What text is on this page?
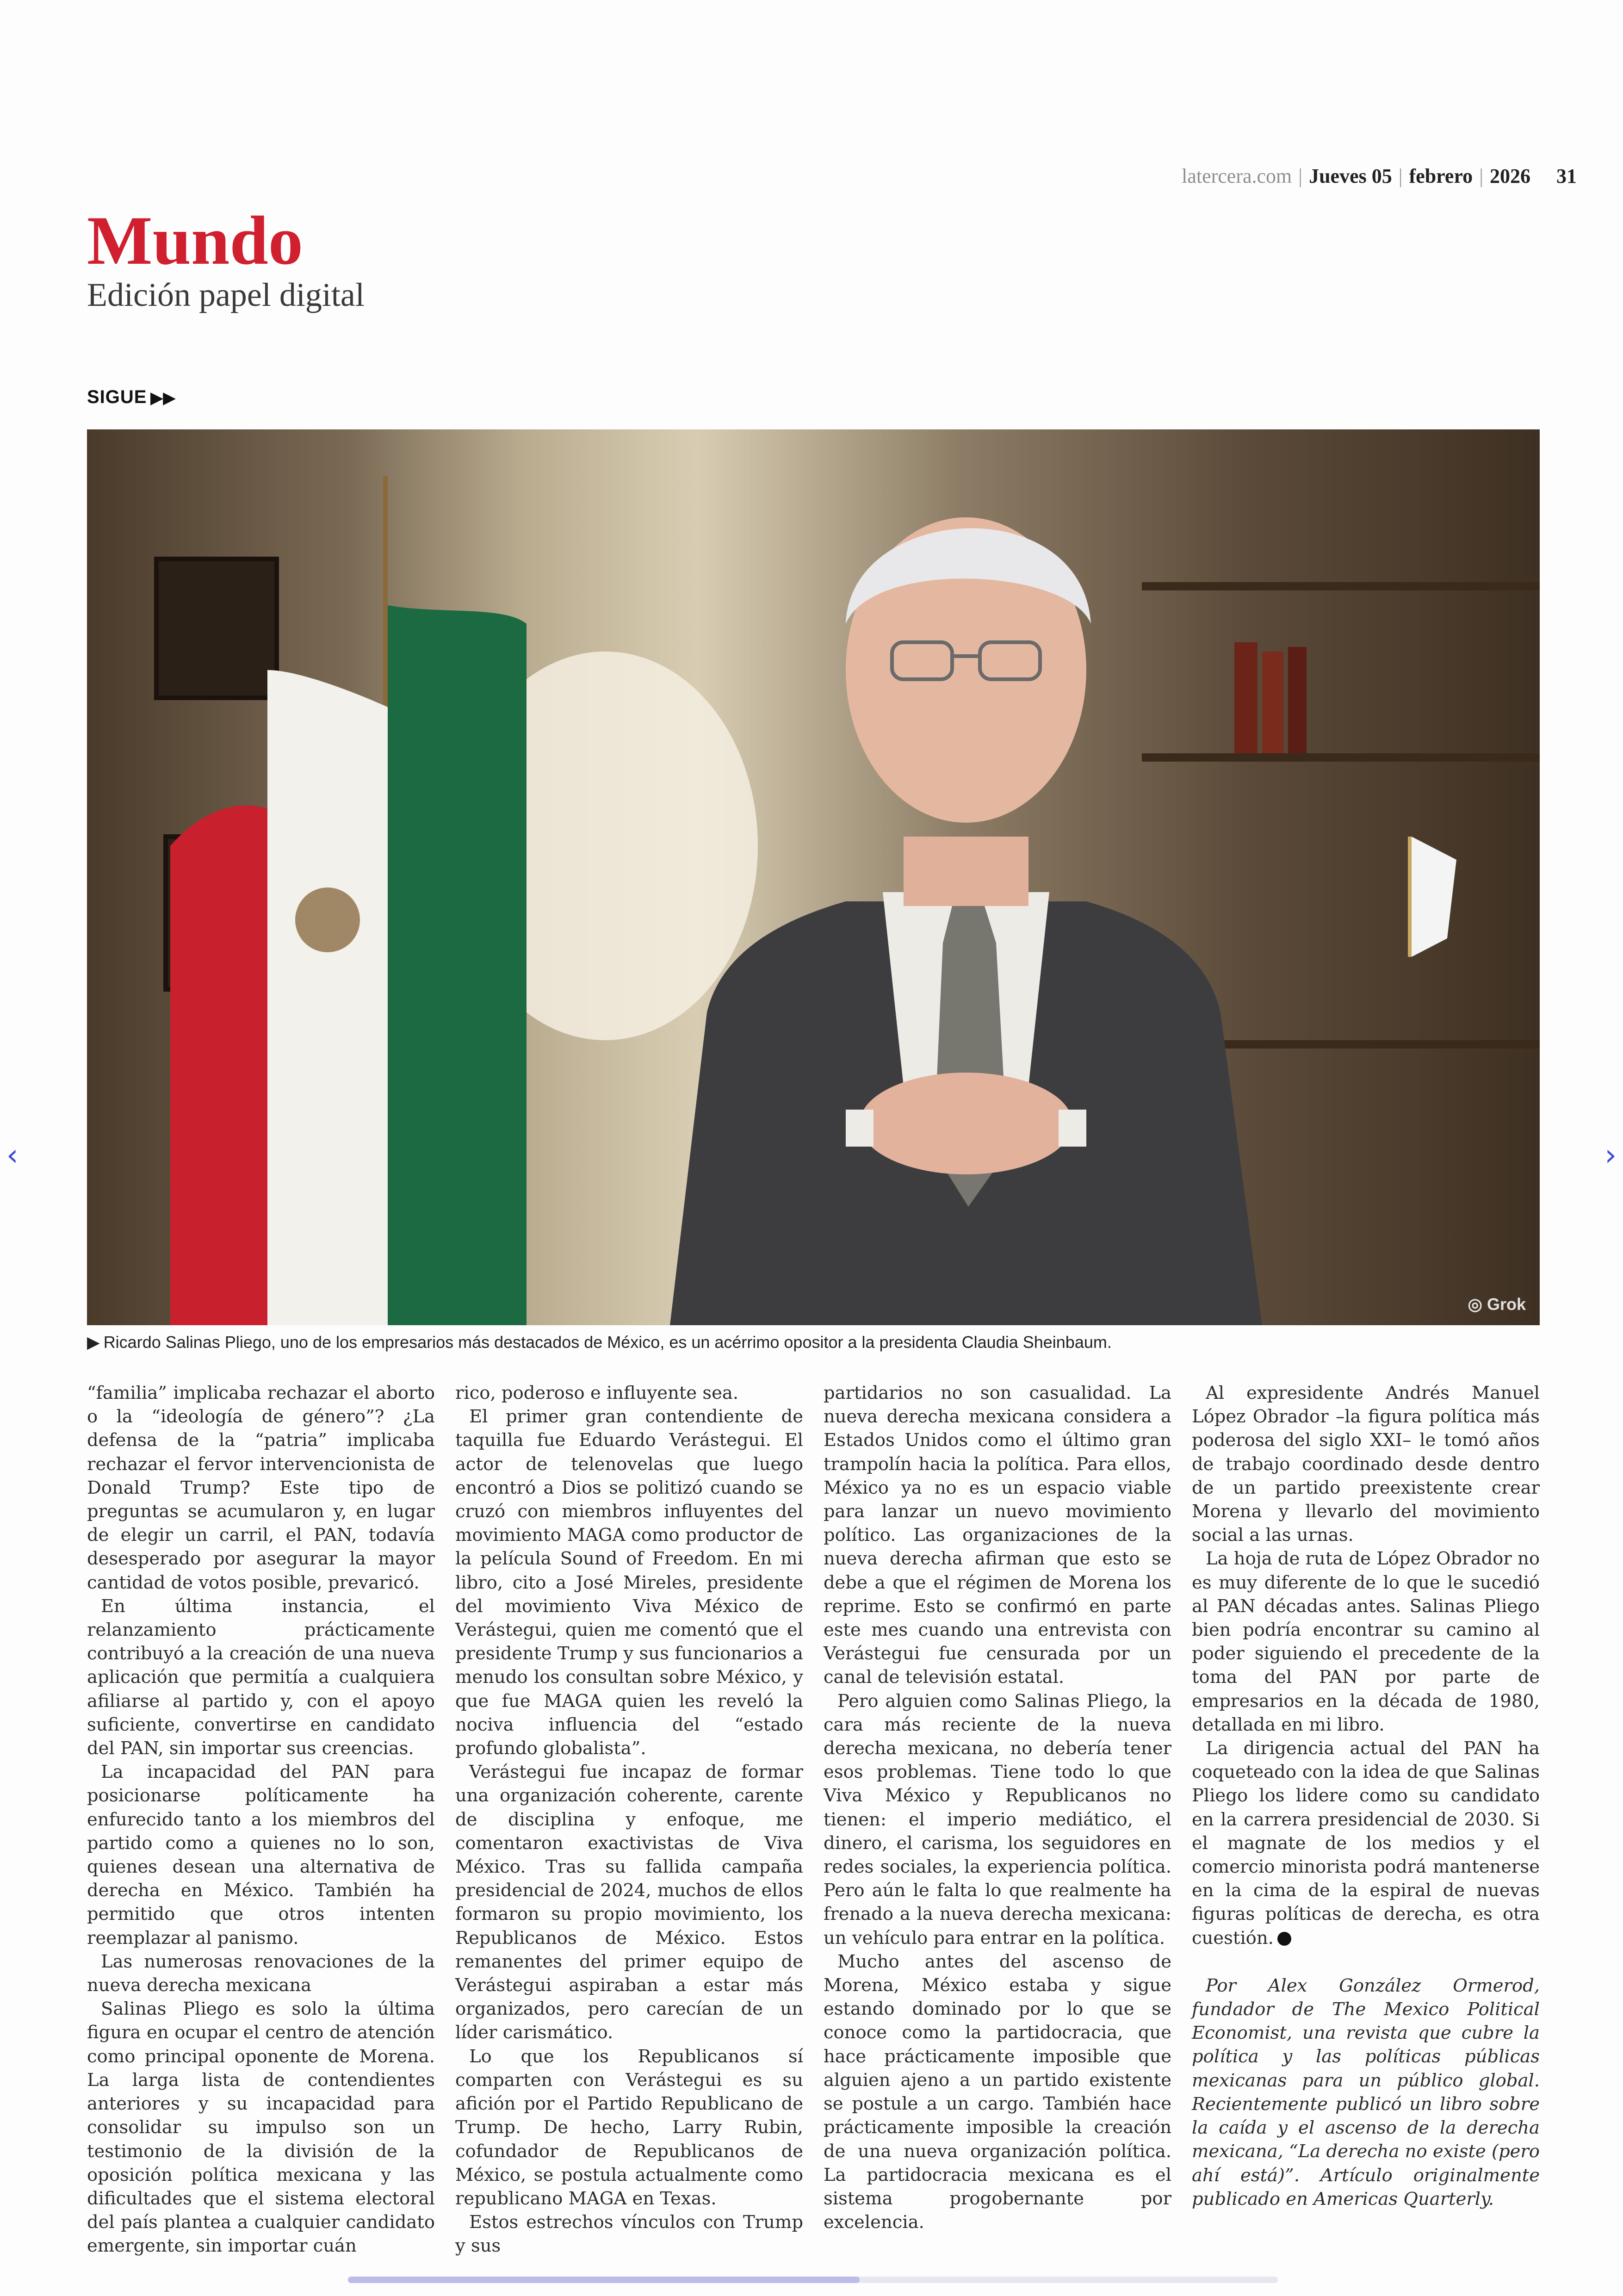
latercera.com | Jueves 05 | febrero | 2026 31
Mundo
Edición papel digital
SIGUE ▶▶
◎ Grok
▶ Ricardo Salinas Pliego, uno de los empresarios más destacados de México, es un acérrimo opositor a la presidenta Claudia Sheinbaum.

“familia” implicaba rechazar el aborto o la “ideología de género”? ¿La defensa de la “patria” implicaba rechazar el fervor intervencionista de Donald Trump? Este tipo de preguntas se acumularon y, en lugar de elegir un carril, el PAN, todavía desesperado por asegurar la mayor cantidad de votos posible, prevaricó.

En última instancia, el relanzamiento prácticamente contribuyó a la creación de una nueva aplicación que permitía a cualquiera afiliarse al partido y, con el apoyo suficiente, convertirse en candidato del PAN, sin importar sus creencias.

La incapacidad del PAN para posicionarse políticamente ha enfurecido tanto a los miembros del partido como a quienes no lo son, quienes desean una alternativa de derecha en México. También ha permitido que otros intenten reemplazar al panismo.

Las numerosas renovaciones de la nueva derecha mexicana

Salinas Pliego es solo la última figura en ocupar el centro de atención como principal oponente de Morena. La larga lista de contendientes anteriores y su incapacidad para consolidar su impulso son un testimonio de la división de la oposición política mexicana y las dificultades que el sistema electoral del país plantea a cualquier candidato emergente, sin importar cuán

rico, poderoso e influyente sea.

El primer gran contendiente de taquilla fue Eduardo Verástegui. El actor de telenovelas que luego encontró a Dios se politizó cuando se cruzó con miembros influyentes del movimiento MAGA como productor de la película Sound of Freedom. En mi libro, cito a José Mireles, presidente del movimiento Viva México de Verástegui, quien me comentó que el presidente Trump y sus funcionarios a menudo los consultan sobre México, y que fue MAGA quien les reveló la nociva influencia del “estado profundo globalista”.

Verástegui fue incapaz de formar una organización coherente, carente de disciplina y enfoque, me comentaron exactivistas de Viva México. Tras su fallida campaña presidencial de 2024, muchos de ellos formaron su propio movimiento, los Republicanos de México. Estos remanentes del primer equipo de Verástegui aspiraban a estar más organizados, pero carecían de un líder carismático.

Lo que los Republicanos sí comparten con Verástegui es su afición por el Partido Republicano de Trump. De hecho, Larry Rubin, cofundador de Republicanos de México, se postula actualmente como republicano MAGA en Texas.

Estos estrechos vínculos con Trump y sus

partidarios no son casualidad. La nueva derecha mexicana considera a Estados Unidos como el último gran trampolín hacia la política. Para ellos, México ya no es un espacio viable para lanzar un nuevo movimiento político. Las organizaciones de la nueva derecha afirman que esto se debe a que el régimen de Morena los reprime. Esto se confirmó en parte este mes cuando una entrevista con Verástegui fue censurada por un canal de televisión estatal.

Pero alguien como Salinas Pliego, la cara más reciente de la nueva derecha mexicana, no debería tener esos problemas. Tiene todo lo que Viva México y Republicanos no tienen: el imperio mediático, el dinero, el carisma, los seguidores en redes sociales, la experiencia política. Pero aún le falta lo que realmente ha frenado a la nueva derecha mexicana: un vehículo para entrar en la política.

Mucho antes del ascenso de Morena, México estaba y sigue estando dominado por lo que se conoce como la partidocracia, que hace prácticamente imposible que alguien ajeno a un partido existente se postule a un cargo. También hace prácticamente imposible la creación de una nueva organización política. La partidocracia mexicana es el sistema progobernante por excelencia.

Al expresidente Andrés Manuel López Obrador –la figura política más poderosa del siglo XXI– le tomó años de trabajo coordinado desde dentro de un partido preexistente crear Morena y llevarlo del movimiento social a las urnas.

La hoja de ruta de López Obrador no es muy diferente de lo que le sucedió al PAN décadas antes. Salinas Pliego bien podría encontrar su camino al poder siguiendo el precedente de la toma del PAN por parte de empresarios en la década de 1980, detallada en mi libro.

La dirigencia actual del PAN ha coqueteado con la idea de que Salinas Pliego los lidere como su candidato en la carrera presidencial de 2030. Si el magnate de los medios y el comercio minorista podrá mantenerse en la cima de la espiral de nuevas figuras políticas de derecha, es otra cuestión.

Por Alex González Ormerod, fundador de The Mexico Political Economist, una revista que cubre la política y las políticas públicas mexicanas para un público global. Recientemente publicó un libro sobre la caída y el ascenso de la derecha mexicana, “La derecha no existe (pero ahí está)”. Artículo originalmente publicado en Americas Quarterly.

‹	›
